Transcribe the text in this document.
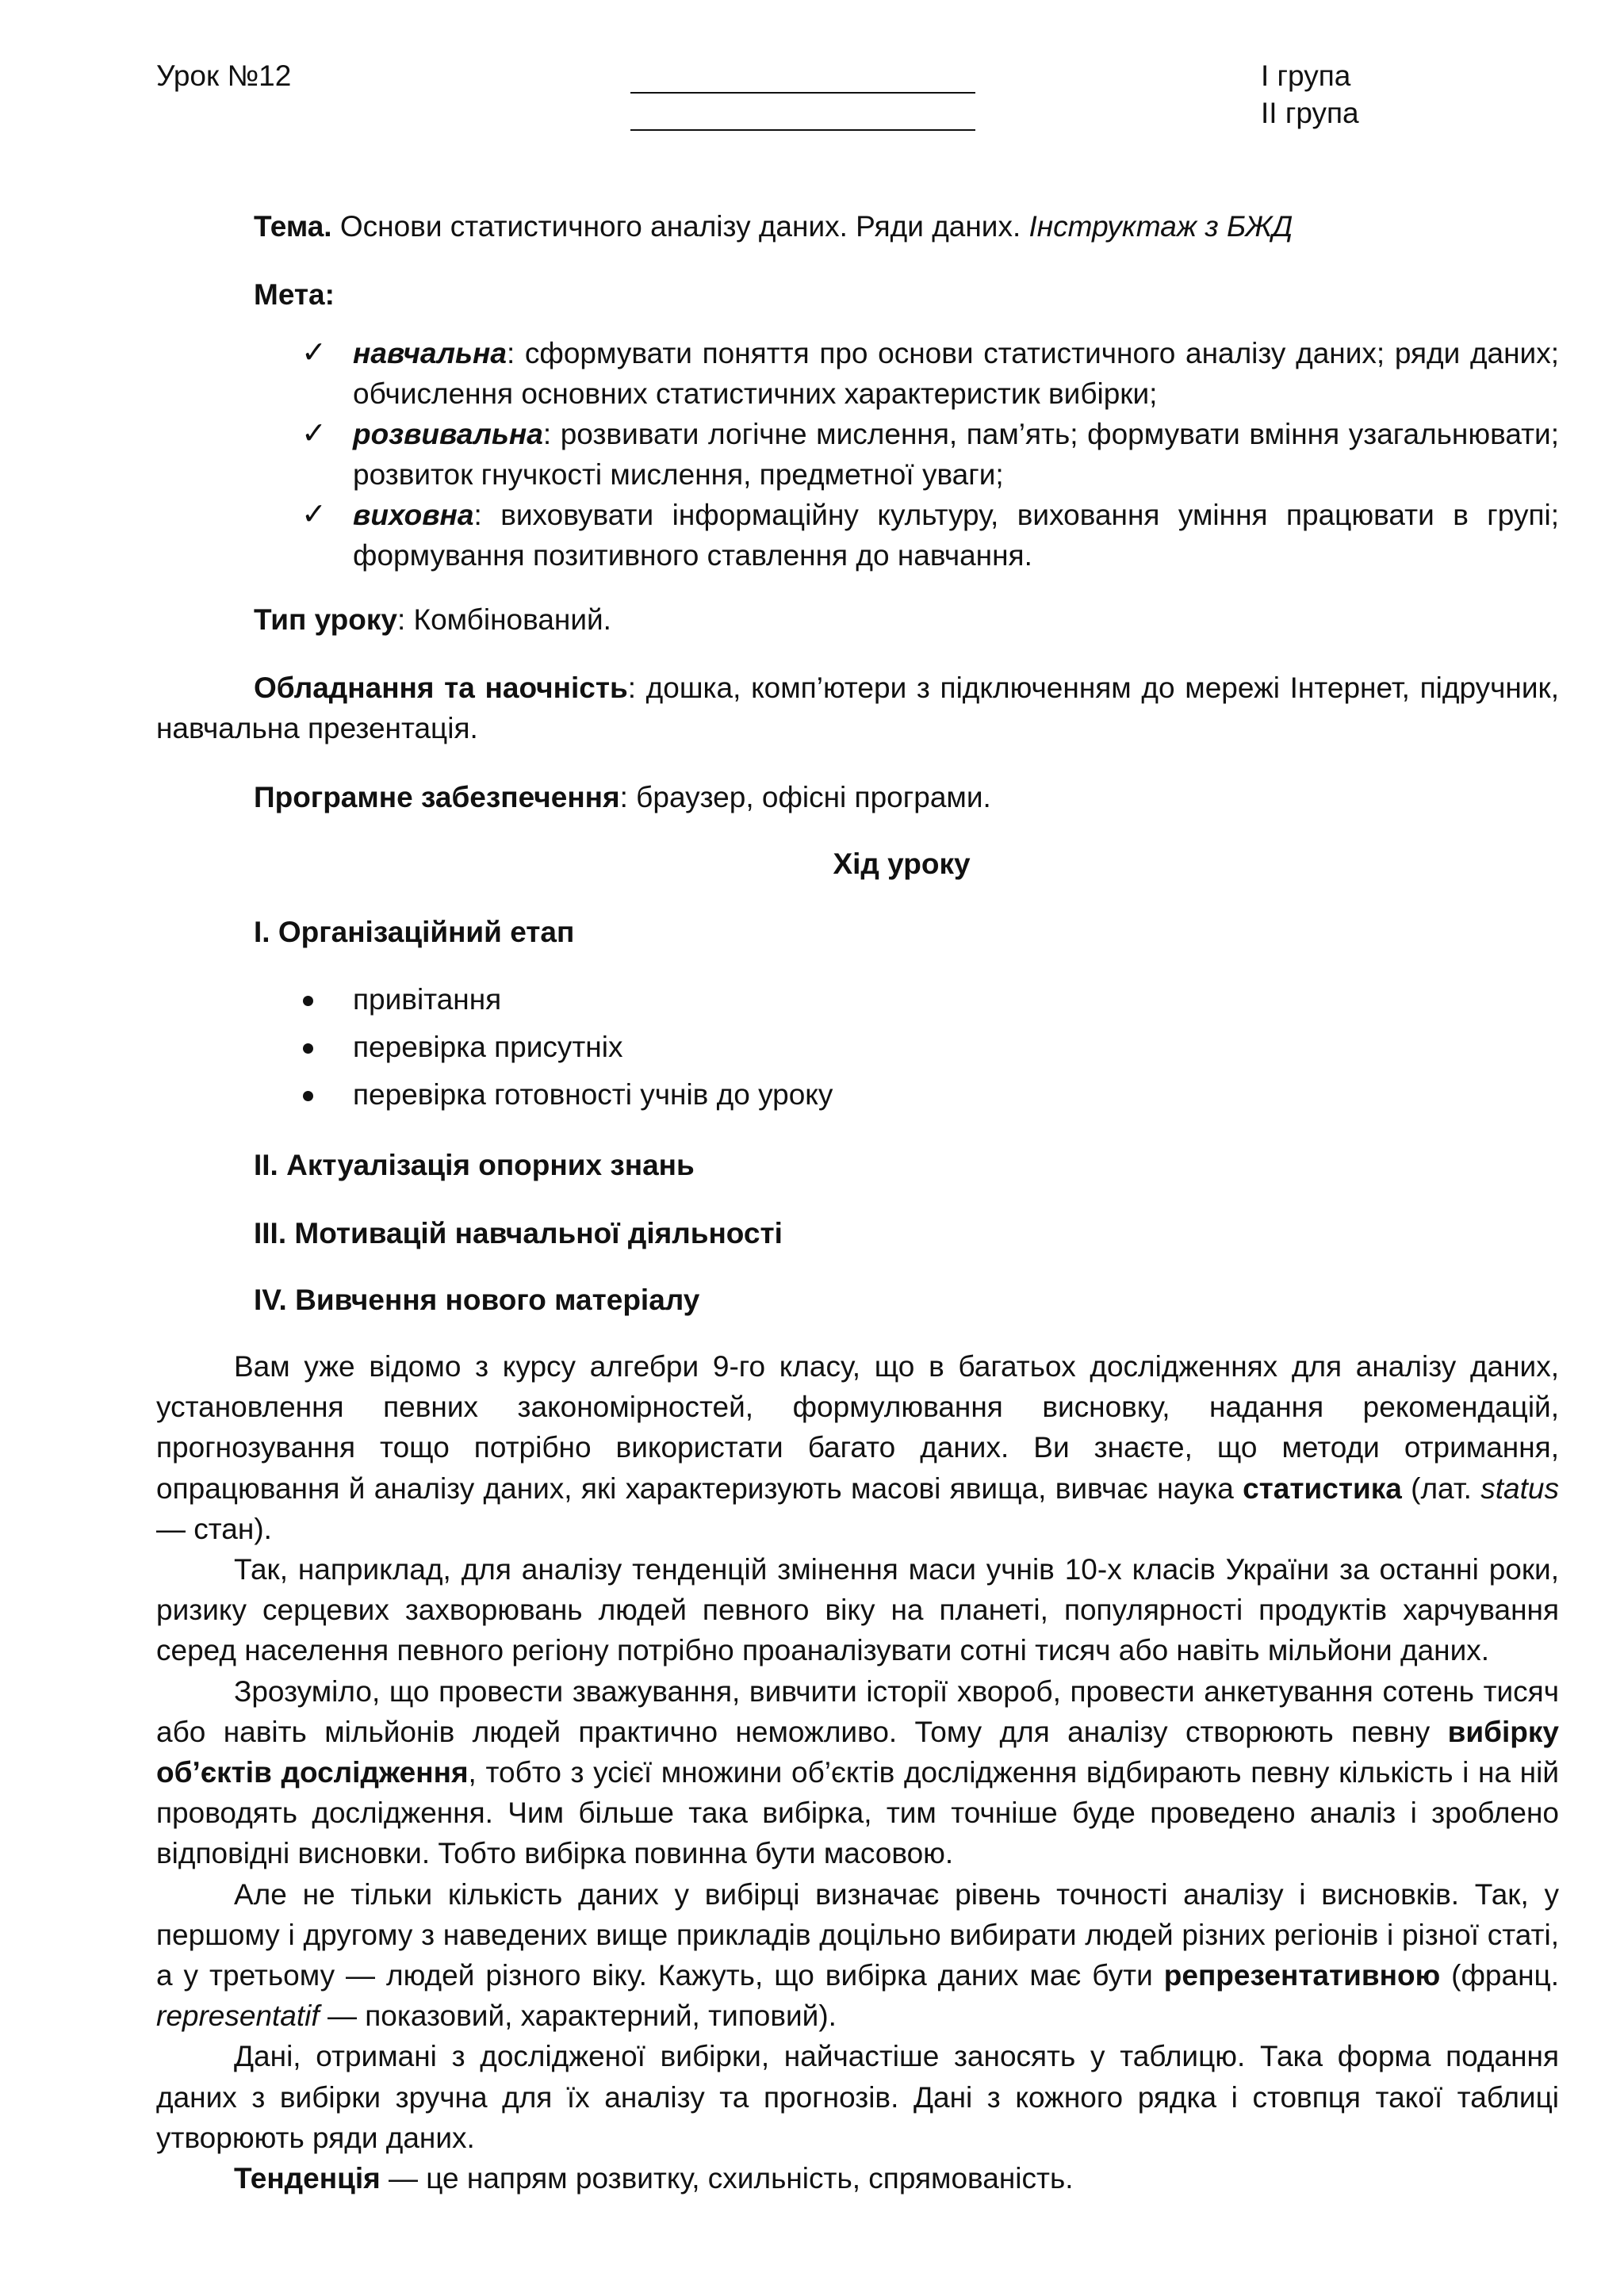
Урок №12	І група
ІІ група
Тема. Основи статистичного аналізу даних. Ряди даних. Інструктаж з БЖД
Мета:
✓ навчальна: сформувати поняття про основи статистичного аналізу даних; ряди даних; обчислення основних статистичних характеристик вибірки;
✓ розвивальна: розвивати логічне мислення, пам’ять; формувати вміння узагальнювати; розвиток гнучкості мислення, предметної уваги;
✓ виховна: виховувати інформаційну культуру, виховання уміння працювати в групі; формування позитивного ставлення до навчання.
Тип уроку: Комбінований.
Обладнання та наочність: дошка, комп’ютери з підключенням до мережі Інтернет, підручник, навчальна презентація.
Програмне забезпечення: браузер, офісні програми.
Хід уроку
І. Організаційний етап
привітання
перевірка присутніх
перевірка готовності учнів до уроку
ІІ. Актуалізація опорних знань
ІІІ. Мотивацій навчальної діяльності
IV. Вивчення нового матеріалу

Вам уже відомо з курсу алгебри 9-го класу, що в багатьох дослідженнях для аналізу даних, установлення певних закономірностей, формулювання висновку, надання рекомендацій, прогнозування тощо потрібно використати багато даних. Ви знаєте, що методи отримання, опрацювання й аналізу даних, які характеризують масові явища, вивчає наука статистика (лат. status — стан).

Так, наприклад, для аналізу тенденцій змінення маси учнів 10-х класів України за останні роки, ризику серцевих захворювань людей певного віку на планеті, популярності продуктів харчування серед населення певного регіону потрібно проаналізувати сотні тисяч або навіть мільйони даних.

Зрозуміло, що провести зважування, вивчити історії хвороб, провести анкетування сотень тисяч або навіть мільйонів людей практично неможливо. Тому для аналізу створюють певну вибірку об’єктів дослідження, тобто з усієї множини об’єктів дослідження відбирають певну кількість і на ній проводять дослідження. Чим більше така вибірка, тим точніше буде проведено аналіз і зроблено відповідні висновки. Тобто вибірка повинна бути масовою.

Але не тільки кількість даних у вибірці визначає рівень точності аналізу і висновків. Так, у першому і другому з наведених вище прикладів доцільно вибирати людей різних регіонів і різної статі, а у третьому — людей різного віку. Кажуть, що вибірка даних має бути репрезентативною (франц. representatif — показовий, характерний, типовий).

Дані, отримані з дослідженої вибірки, найчастіше заносять у таблицю. Така форма подання даних з вибірки зручна для їх аналізу та прогнозів. Дані з кожного рядка і стовпця такої таблиці утворюють ряди даних.

Тенденція — це напрям розвитку, схильність, спрямованість.
